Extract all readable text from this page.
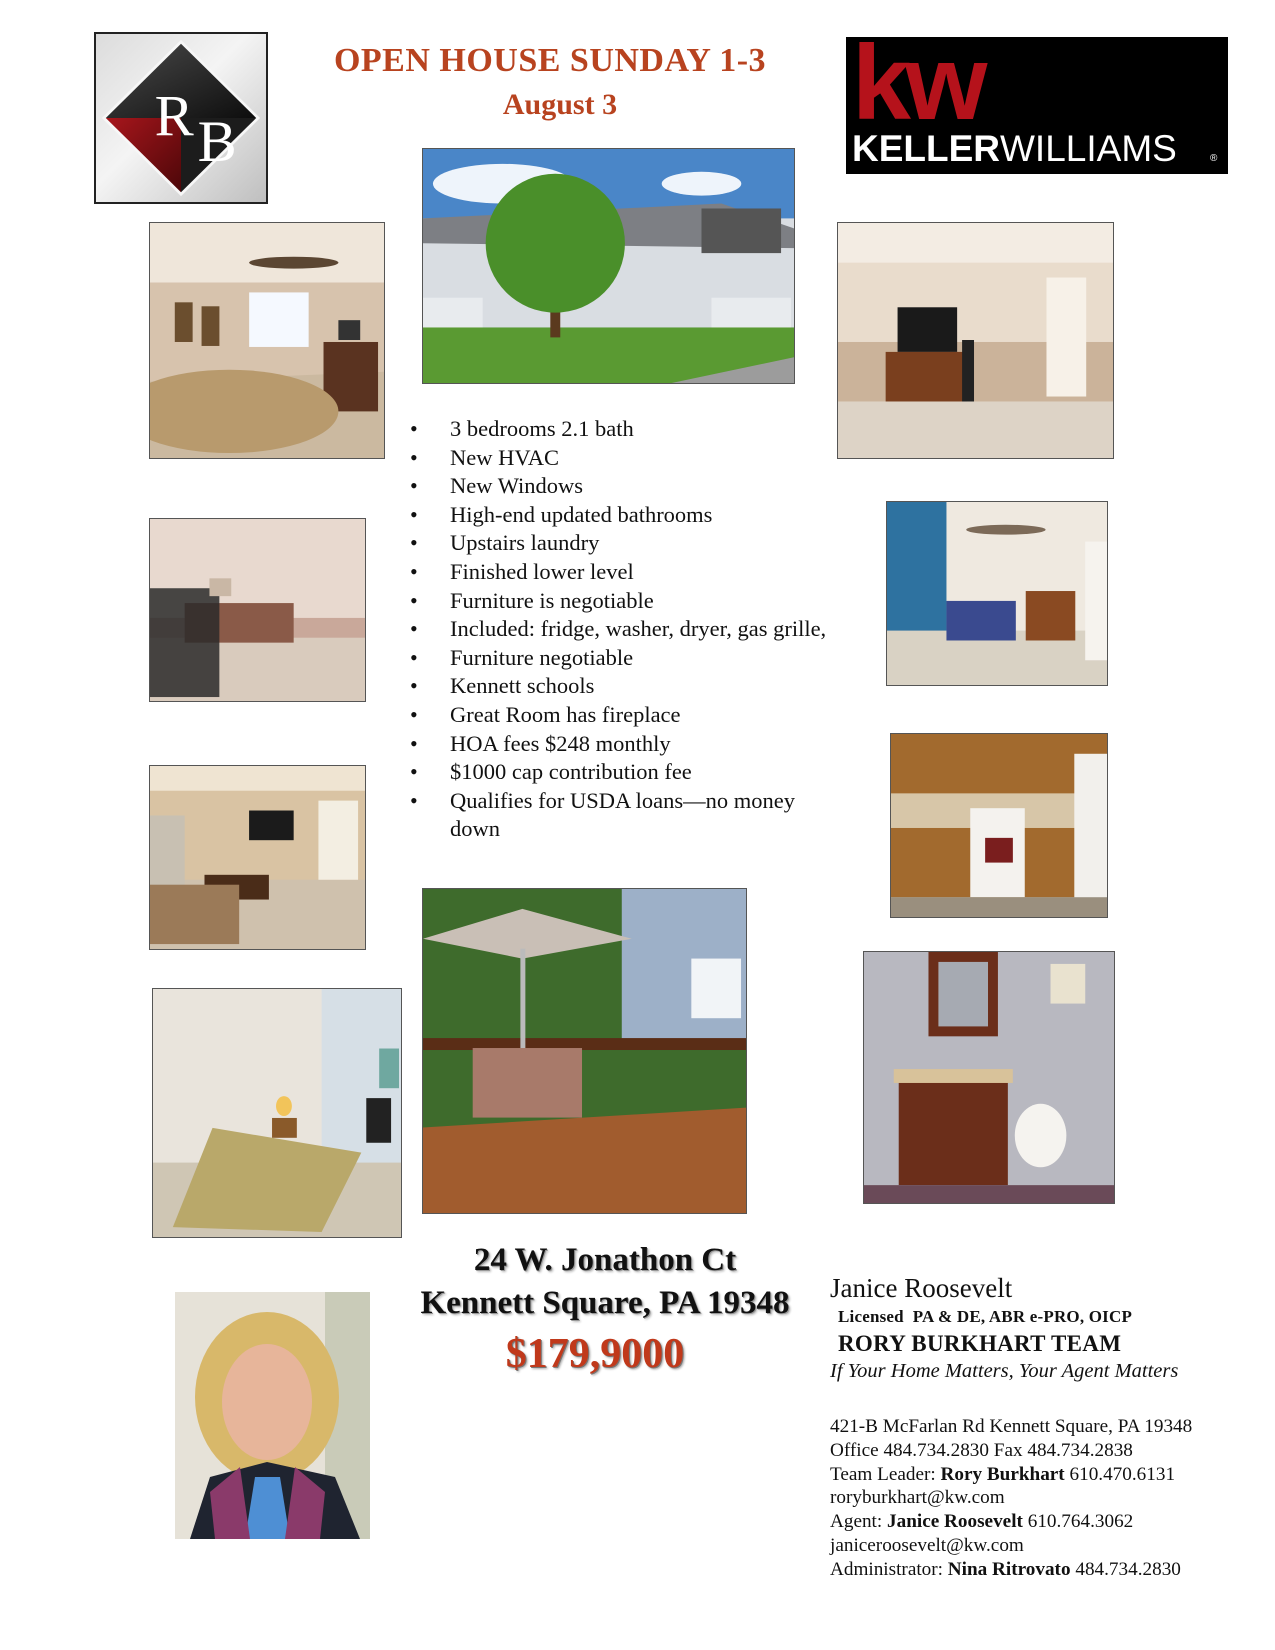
R B
OPEN HOUSE SUNDAY 1-3
August 3	kw
KELLERWILLIAMS	®
• 3 bedrooms 2.1 bath
• New HVAC
• New Windows
• High-end updated bathrooms
• Upstairs laundry
• Finished lower level
• Furniture is negotiable
• Included: fridge, washer, dryer, gas grille,
• Furniture negotiable
• Kennett schools
• Great Room has fireplace
• HOA fees $248 monthly
• $1000 cap contribution fee
• Qualifies for USDA loans—no money down
24 W. Jonathon Ct
Kennett Square, PA 19348
$179,9000
Janice Roosevelt
Licensed  PA & DE, ABR e-PRO, OICP
RORY BURKHART TEAM
If Your Home Matters, Your Agent Matters
421-B McFarlan Rd Kennett Square, PA 19348
Office 484.734.2830 Fax 484.734.2838
Team Leader: Rory Burkhart 610.470.6131
roryburkhart@kw.com
Agent: Janice Roosevelt 610.764.3062
janiceroosevelt@kw.com
Administrator: Nina Ritrovato 484.734.2830
